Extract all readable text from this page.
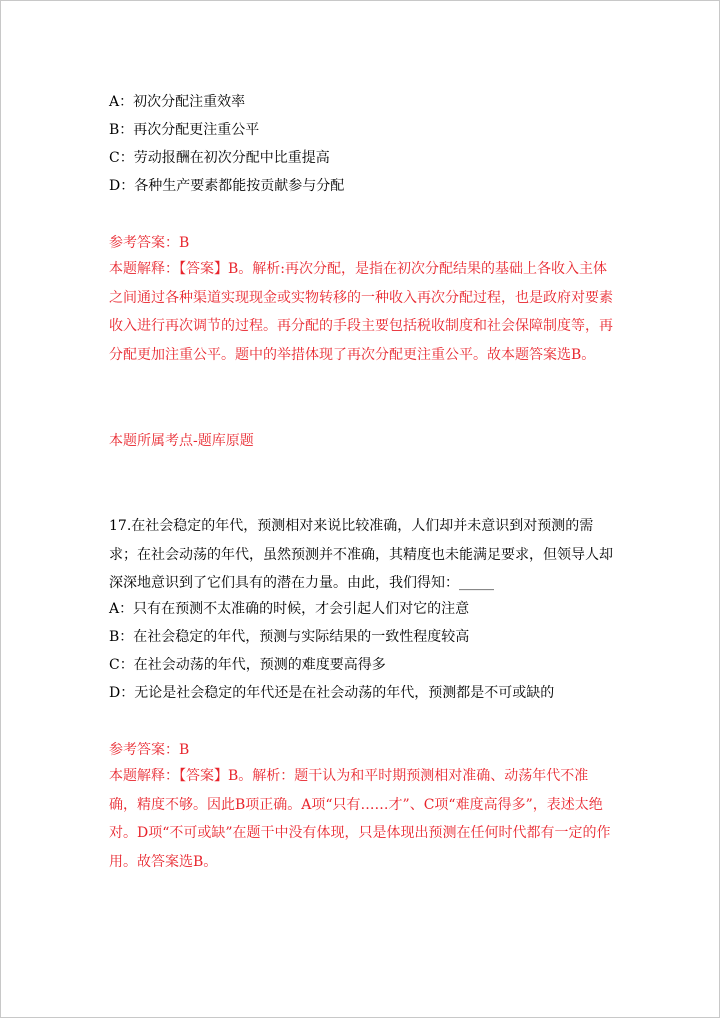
A：初次分配注重效率
B：再次分配更注重公平
C：劳动报酬在初次分配中比重提高
D：各种生产要素都能按贡献参与分配
参考答案：B
本题解释：【答案】B。解析:再次分配，是指在初次分配结果的基础上各收入主体之间通过各种渠道实现现金或实物转移的一种收入再次分配过程，也是政府对要素收入进行再次调节的过程。再分配的手段主要包括税收制度和社会保障制度等，再分配更加注重公平。题中的举措体现了再次分配更注重公平。故本题答案选B。
本题所属考点-题库原题
17.在社会稳定的年代，预测相对来说比较准确，人们却并未意识到对预测的需求；在社会动荡的年代，虽然预测并不准确，其精度也未能满足要求，但领导人却深深地意识到了它们具有的潜在力量。由此，我们得知：_____
A：只有在预测不太准确的时候，才会引起人们对它的注意
B：在社会稳定的年代，预测与实际结果的一致性程度较高
C：在社会动荡的年代，预测的难度要高得多
D：无论是社会稳定的年代还是在社会动荡的年代，预测都是不可或缺的
参考答案：B
本题解释：【答案】B。解析：题干认为和平时期预测相对准确、动荡年代不准确，精度不够。因此B项正确。A项“只有……才”、C项“难度高得多”，表述太绝对。D项“不可或缺”在题干中没有体现，只是体现出预测在任何时代都有一定的作用。故答案选B。
